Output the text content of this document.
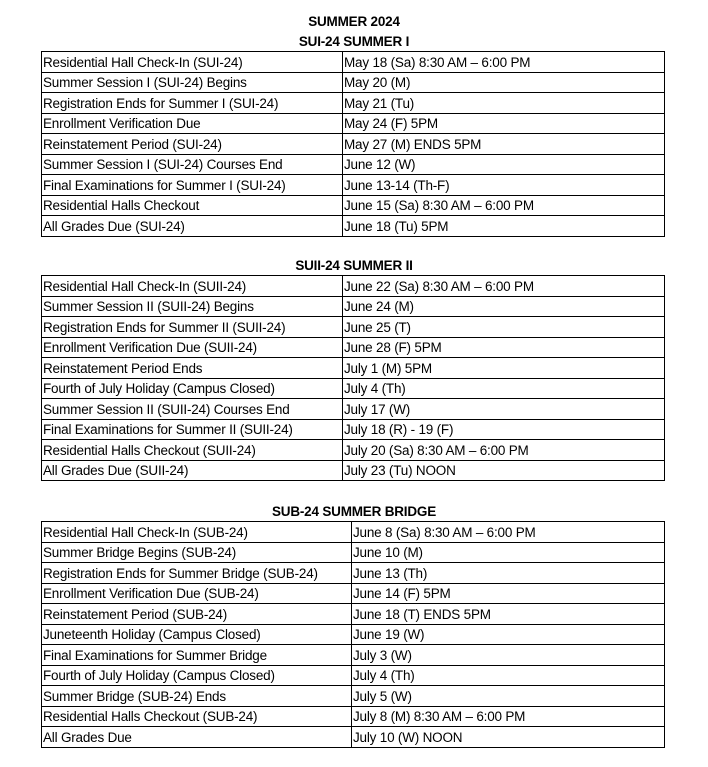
SUMMER 2024
SUI-24 SUMMER I
Residential Hall Check-In (SUI-24)	May 18 (Sa) 8:30 AM – 6:00 PM
Summer Session I (SUI-24) Begins	May 20 (M)
Registration Ends for Summer I (SUI-24)	May 21 (Tu)
Enrollment Verification Due	May 24 (F) 5PM
Reinstatement Period (SUI-24)	May 27 (M) ENDS 5PM
Summer Session I (SUI-24) Courses End	June 12 (W)
Final Examinations for Summer I (SUI-24)	June 13-14 (Th-F)
Residential Halls Checkout	June 15 (Sa) 8:30 AM – 6:00 PM
All Grades Due (SUI-24)	June 18 (Tu) 5PM
SUII-24 SUMMER II
Residential Hall Check-In (SUII-24)	June 22 (Sa) 8:30 AM – 6:00 PM
Summer Session II (SUII-24) Begins	June 24 (M)
Registration Ends for Summer II (SUII-24)	June 25 (T)
Enrollment Verification Due (SUII-24)	June 28 (F) 5PM
Reinstatement Period Ends	July 1 (M) 5PM
Fourth of July Holiday (Campus Closed)	July 4 (Th)
Summer Session II (SUII-24) Courses End	July 17 (W)
Final Examinations for Summer II (SUII-24)	July 18 (R) - 19 (F)
Residential Halls Checkout (SUII-24)	July 20 (Sa) 8:30 AM – 6:00 PM
All Grades Due (SUII-24)	July 23 (Tu) NOON
SUB-24 SUMMER BRIDGE
Residential Hall Check-In (SUB-24)	June 8 (Sa) 8:30 AM – 6:00 PM
Summer Bridge Begins (SUB-24)	June 10 (M)
Registration Ends for Summer Bridge (SUB-24)	June 13 (Th)
Enrollment Verification Due (SUB-24)	June 14 (F) 5PM
Reinstatement Period (SUB-24)	June 18 (T) ENDS 5PM
Juneteenth Holiday (Campus Closed)	June 19 (W)
Final Examinations for Summer Bridge	July 3 (W)
Fourth of July Holiday (Campus Closed)	July 4 (Th)
Summer Bridge (SUB-24) Ends	July 5 (W)
Residential Halls Checkout (SUB-24)	July 8 (M) 8:30 AM – 6:00 PM
All Grades Due	July 10 (W) NOON
